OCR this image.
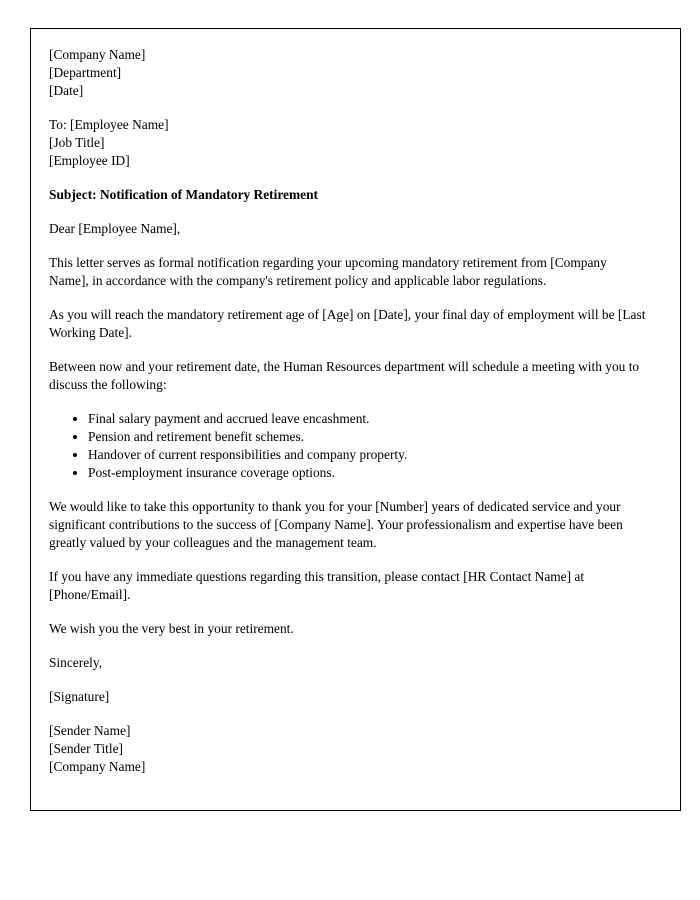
[Company Name]
[Department]
[Date]
To: [Employee Name]
[Job Title]
[Employee ID]
Subject: Notification of Mandatory Retirement
Dear [Employee Name],
This letter serves as formal notification regarding your upcoming mandatory retirement from [Company Name], in accordance with the company's retirement policy and applicable labor regulations.
As you will reach the mandatory retirement age of [Age] on [Date], your final day of employment will be [Last Working Date].
Between now and your retirement date, the Human Resources department will schedule a meeting with you to discuss the following:
• Final salary payment and accrued leave encashment.
• Pension and retirement benefit schemes.
• Handover of current responsibilities and company property.
• Post-employment insurance coverage options.
We would like to take this opportunity to thank you for your [Number] years of dedicated service and your significant contributions to the success of [Company Name]. Your professionalism and expertise have been greatly valued by your colleagues and the management team.
If you have any immediate questions regarding this transition, please contact [HR Contact Name] at [Phone/Email].
We wish you the very best in your retirement.
Sincerely,
[Signature]
[Sender Name]
[Sender Title]
[Company Name]
